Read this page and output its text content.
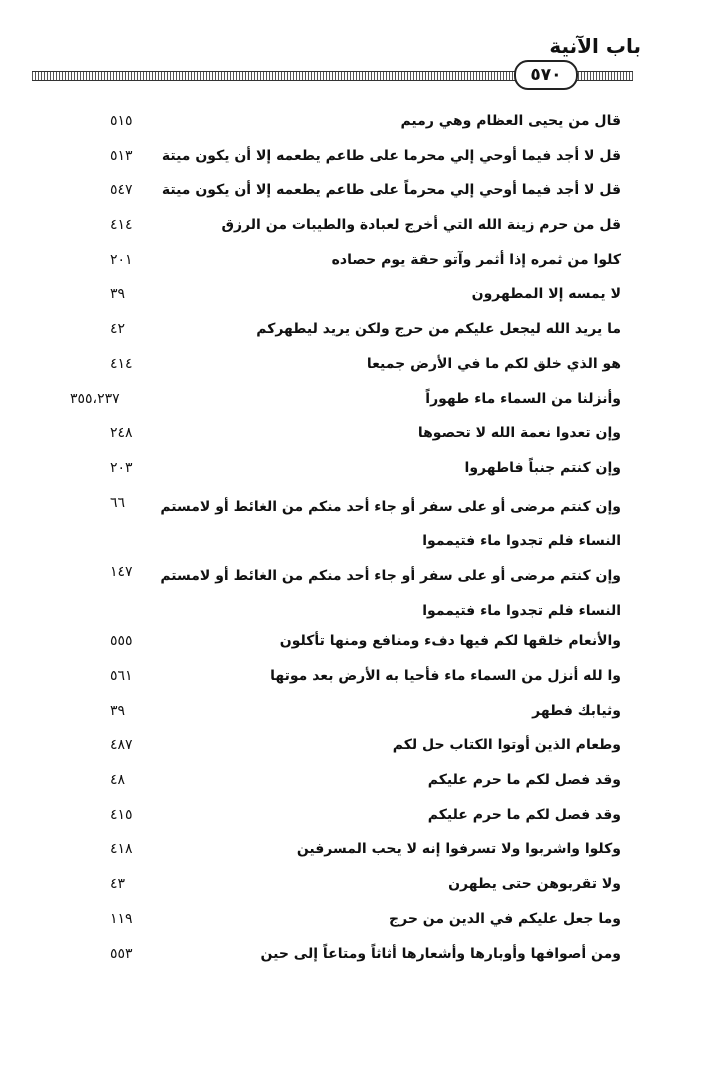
باب الآنية
٥٧٠
قال من يحيى العظام وهي رميم
٥١٥
قل لا أجد فيما أوحي إلي محرما على طاعم يطعمه إلا أن يكون ميتة
٥١٣
قل لا أجد فيما أوحي إلي محرماً على طاعم يطعمه إلا أن يكون ميتة
٥٤٧
قل من حرم زينة الله التي أخرج لعبادة والطيبات من الرزق
٤١٤
كلوا من ثمره إذا أثمر وآتو حقة يوم حصاده
٢٠١
لا يمسه إلا المطهرون
٣٩
ما يريد الله ليجعل عليكم من حرج ولكن يريد ليطهركم
٤٢
هو الذي خلق لكم ما في الأرض جميعا
٤١٤
وأنزلنا من السماء ماء طهوراً
٣٥٥،٢٣٧
وإن تعدوا نعمة الله لا تحصوها
٢٤٨
وإن كنتم جنباً فاطهروا
٢٠٣
وإن كنتم مرضى أو على سفر أو جاء أحد منكم من الغائط أو لامستم النساء فلم تجدوا ماء فتيمموا
٦٦
وإن كنتم مرضى أو على سفر أو جاء أحد منكم من الغائط أو لامستم النساء فلم تجدوا ماء فتيمموا
١٤٧
والأنعام خلقها لكم فيها دفء ومنافع ومنها تأكلون
٥٥٥
وا لله أنزل من السماء ماء فأحيا به الأرض بعد موتها
٥٦١
وثيابك فطهر
٣٩
وطعام الذين أوتوا الكتاب حل لكم
٤٨٧
وقد فصل لكم ما حرم عليكم
٤٨
وقد فصل لكم ما حرم عليكم
٤١٥
وكلوا واشربوا ولا تسرفوا إنه لا يحب المسرفين
٤١٨
ولا تقربوهن حتى يطهرن
٤٣
وما جعل عليكم في الدين من حرج
١١٩
ومن أصوافها وأوبارها وأشعارها أثاثاً ومتاعاً إلى حين
٥٥٣
